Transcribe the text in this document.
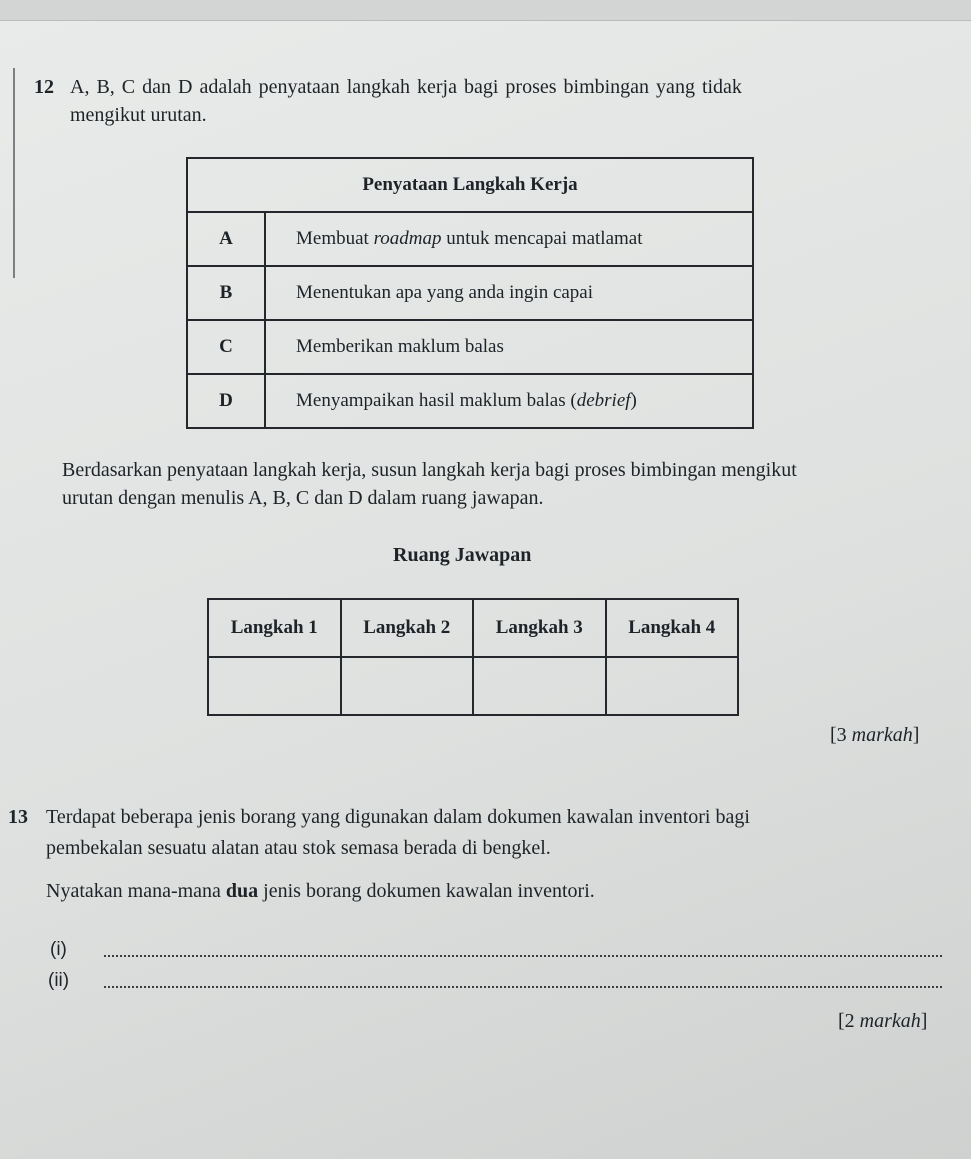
12 A, B, C dan D adalah penyataan langkah kerja bagi proses bimbingan yang tidak
mengikut urutan.
Penyataan Langkah Kerja	
A	Membuat roadmap untuk mencapai matlamat
B	Menentukan apa yang anda ingin capai
C	Memberikan maklum balas
D	Menyampaikan hasil maklum balas (debrief)
Berdasarkan penyataan langkah kerja, susun langkah kerja bagi proses bimbingan mengikut
urutan dengan menulis A, B, C dan D dalam ruang jawapan.
Ruang Jawapan
Langkah 1	Langkah 2	Langkah 3	Langkah 4

[3 markah]
13 Terdapat beberapa jenis borang yang digunakan dalam dokumen kawalan inventori bagi
pembekalan sesuatu alatan atau stok semasa berada di bengkel.
Nyatakan mana-mana dua jenis borang dokumen kawalan inventori.
(i)
(ii)
[2 markah]
